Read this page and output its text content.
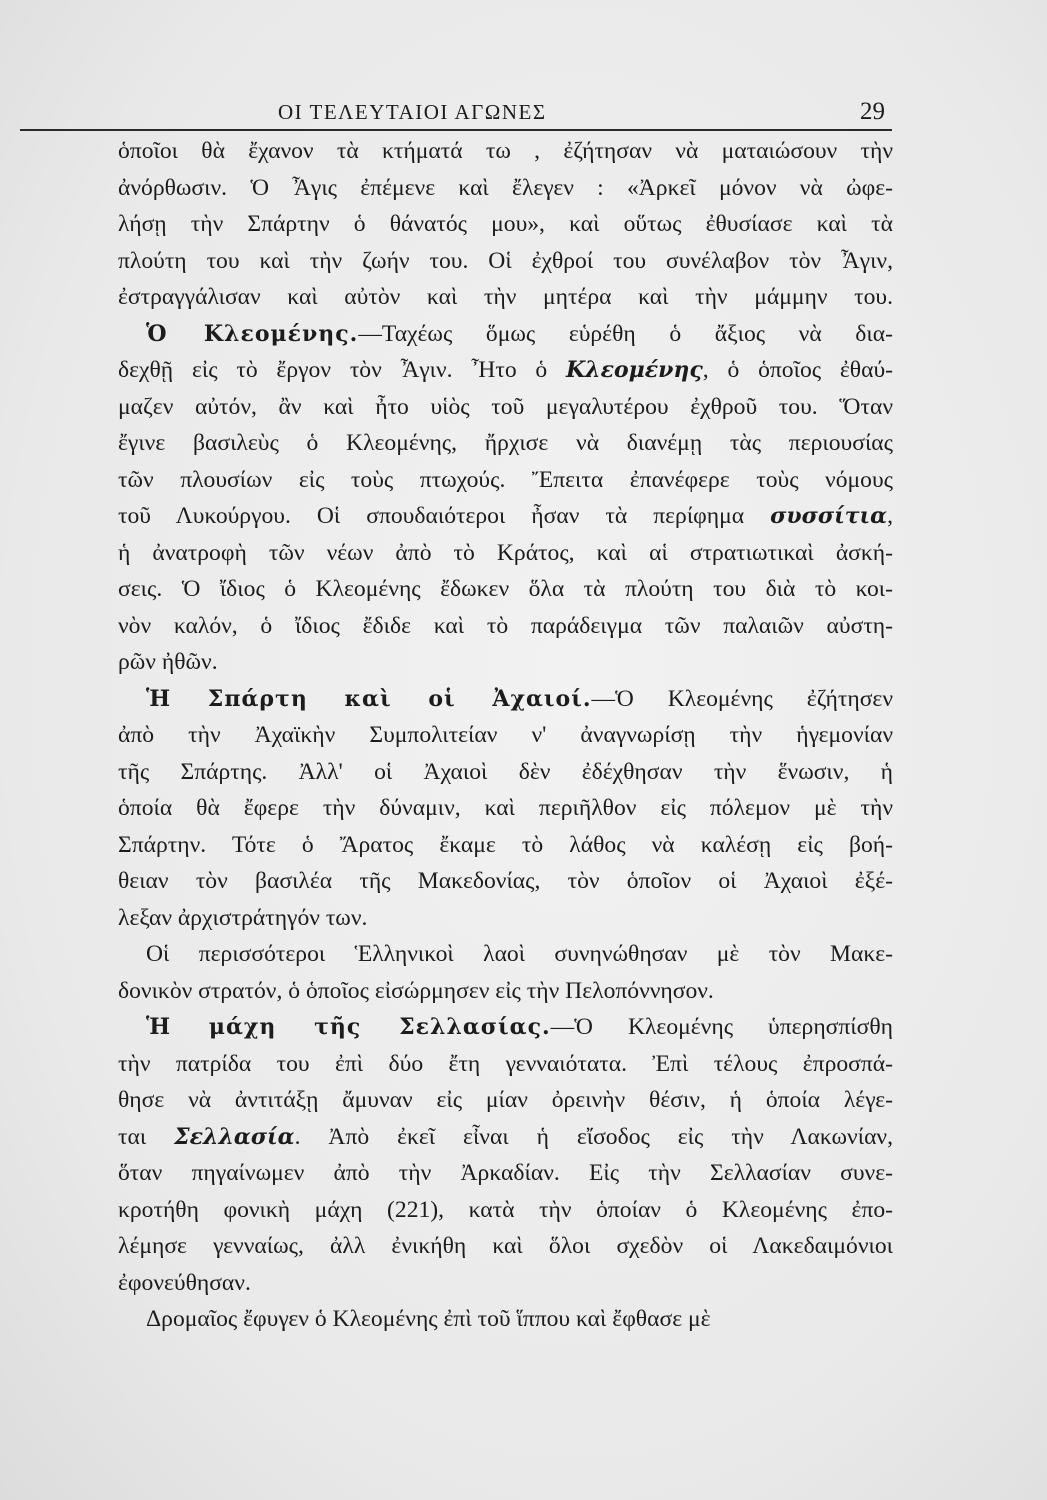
ΟΙ ΤΕΛΕΥΤΑΙΟΙ ΑΓΩΝΕΣ	29
ὁποῖοι θὰ ἔχανον τὰ κτήματά τω , ἐζήτησαν νὰ ματαιώσουν τὴν
ἀνόρθωσιν. Ὁ Ἆγις ἐπέμενε καὶ ἔλεγεν : «Ἀρκεῖ μόνον νὰ ὠφε-
λήσῃ τὴν Σπάρτην ὁ θάνατός μου», καὶ οὕτως ἐθυσίασε καὶ τὰ
πλούτη του καὶ τὴν ζωήν του. Οἱ ἐχθροί του συνέλαβον τὸν Ἆγιν,
ἐστραγγάλισαν καὶ αὐτὸν καὶ τὴν μητέρα καὶ τὴν μάμμην του.
Ὁ Κλεομένης.—Ταχέως ὅμως εὑρέθη ὁ ἄξιος νὰ δια-
δεχθῇ εἰς τὸ ἔργον τὸν Ἆγιν. Ἦτο ὁ Κλεομένης, ὁ ὁποῖος ἐθαύ-
μαζεν αὐτόν, ἂν καὶ ἦτο υἱὸς τοῦ μεγαλυτέρου ἐχθροῦ του. Ὅταν
ἔγινε βασιλεὺς ὁ Κλεομένης, ἤρχισε νὰ διανέμῃ τὰς περιουσίας
τῶν πλουσίων εἰς τοὺς πτωχούς. Ἔπειτα ἐπανέφερε τοὺς νόμους
τοῦ Λυκούργου. Οἱ σπουδαιότεροι ἦσαν τὰ περίφημα συσσίτια,
ἡ ἀνατροφὴ τῶν νέων ἀπὸ τὸ Κράτος, καὶ αἱ στρατιωτικαὶ ἀσκή-
σεις. Ὁ ἴδιος ὁ Κλεομένης ἔδωκεν ὅλα τὰ πλούτη του διὰ τὸ κοι-
νὸν καλόν, ὁ ἴδιος ἔδιδε καὶ τὸ παράδειγμα τῶν παλαιῶν αὐστη-
ρῶν ἠθῶν.
Ἡ Σπάρτη καὶ οἱ Ἀχαιοί.—Ὁ Κλεομένης ἐζήτησεν
ἀπὸ τὴν Ἀχαϊκὴν Συμπολιτείαν ν' ἀναγνωρίσῃ τὴν ἡγεμονίαν
τῆς Σπάρτης. Ἀλλ' οἱ Ἀχαιοὶ δὲν ἐδέχθησαν τὴν ἕνωσιν, ἡ
ὁποία θὰ ἔφερε τὴν δύναμιν, καὶ περιῆλθον εἰς πόλεμον μὲ τὴν
Σπάρτην. Τότε ὁ Ἄρατος ἔκαμε τὸ λάθος νὰ καλέσῃ εἰς βοή-
θειαν τὸν βασιλέα τῆς Μακεδονίας, τὸν ὁποῖον οἱ Ἀχαιοὶ ἐξέ-
λεξαν ἀρχιστράτηγόν των.
Οἱ περισσότεροι Ἑλληνικοὶ λαοὶ συνηνώθησαν μὲ τὸν Μακε-
δονικὸν στρατόν, ὁ ὁποῖος εἰσώρμησεν εἰς τὴν Πελοπόννησον.
Ἡ μάχη τῆς Σελλασίας.—Ὁ Κλεομένης ὑπερησπίσθη
τὴν πατρίδα του ἐπὶ δύο ἔτη γενναιότατα. Ἐπὶ τέλους ἐπροσπά-
θησε νὰ ἀντιτάξῃ ἄμυναν εἰς μίαν ὀρεινὴν θέσιν, ἡ ὁποία λέγε-
ται Σελλασία. Ἀπὸ ἐκεῖ εἶναι ἡ εἴσοδος εἰς τὴν Λακωνίαν,
ὅταν πηγαίνωμεν ἀπὸ τὴν Ἀρκαδίαν. Εἰς τὴν Σελλασίαν συνε-
κροτήθη φονικὴ μάχη (221), κατὰ τὴν ὁποίαν ὁ Κλεομένης ἐπο-
λέμησε γενναίως, ἀλλ ἐνικήθη καὶ ὅλοι σχεδὸν οἱ Λακεδαιμόνιοι
ἐφονεύθησαν.
Δρομαῖος ἔφυγεν ὁ Κλεομένης ἐπὶ τοῦ ἵππου καὶ ἔφθασε μὲ
